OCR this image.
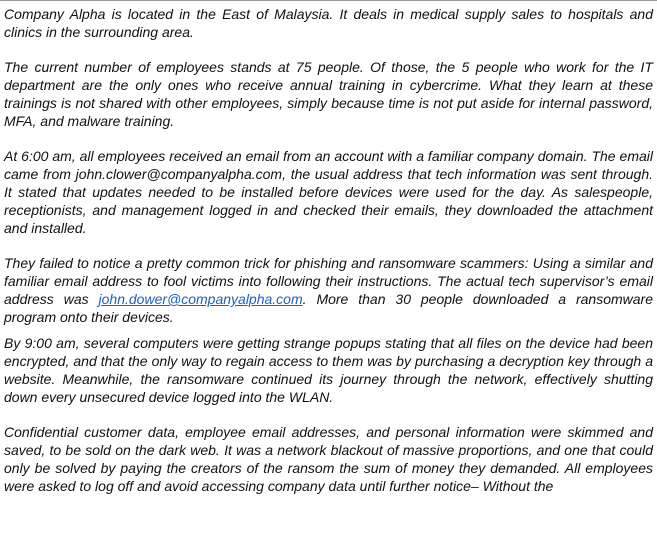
Company Alpha is located in the East of Malaysia. It deals in medical supply sales to hospitals and clinics in the surrounding area.

The current number of employees stands at 75 people. Of those, the 5 people who work for the IT department are the only ones who receive annual training in cybercrime. What they learn at these trainings is not shared with other employees, simply because time is not put aside for internal password, MFA, and malware training.

At 6:00 am, all employees received an email from an account with a familiar company domain. The email came from john.clower@companyalpha.com, the usual address that tech information was sent through. It stated that updates needed to be installed before devices were used for the day. As salespeople, receptionists, and management logged in and checked their emails, they downloaded the attachment and installed.

They failed to notice a pretty common trick for phishing and ransomware scammers: Using a similar and familiar email address to fool victims into following their instructions. The actual tech supervisor’s email address was john.dower@companyalpha.com. More than 30 people downloaded a ransomware program onto their devices.

By 9:00 am, several computers were getting strange popups stating that all files on the device had been encrypted, and that the only way to regain access to them was by purchasing a decryption key through a website. Meanwhile, the ransomware continued its journey through the network, effectively shutting down every unsecured device logged into the WLAN.

Confidential customer data, employee email addresses, and personal information were skimmed and saved, to be sold on the dark web. It was a network blackout of massive proportions, and one that could only be solved by paying the creators of the ransom the sum of money they demanded. All employees were asked to log off and avoid accessing company data until further notice– Without the
